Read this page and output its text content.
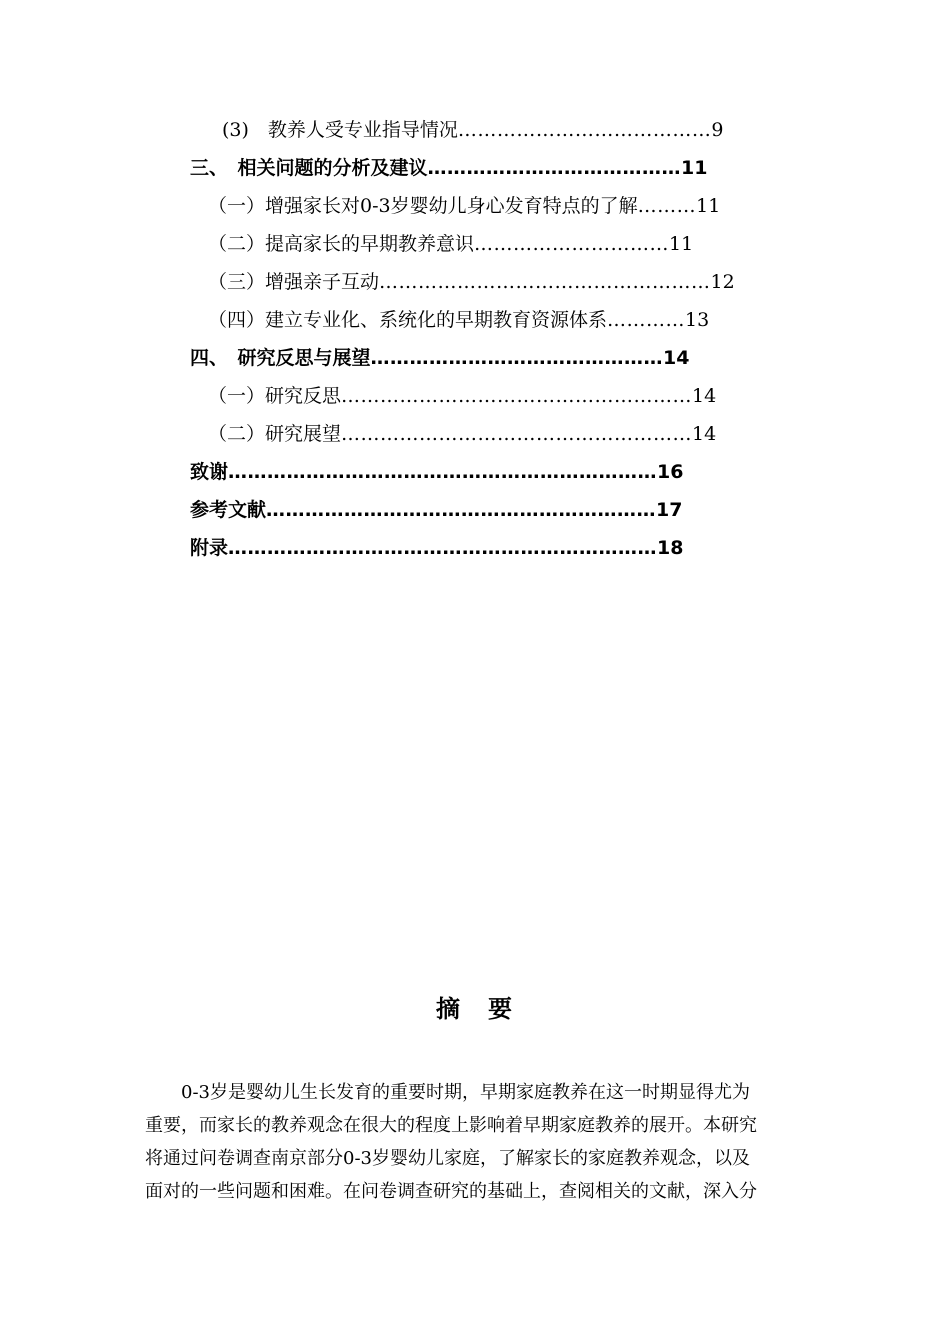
(3)　教养人受专业指导情况…………………………………9
三、　相关问题的分析及建议…………………………………11
（一）增强家长对0-3岁婴幼儿身心发育特点的了解………11
（二）提高家长的早期教养意识…………………………11
（三）增强亲子互动……………………………………………12
（四）建立专业化、系统化的早期教育资源体系…………13
四、　研究反思与展望………………………………………14
（一）研究反思………………………………………………14
（二）研究展望………………………………………………14
致谢…………………………………………………………16
参考文献……………………………………………………17
附录…………………………………………………………18
摘　要

　　0-3岁是婴幼儿生长发育的重要时期，早期家庭教养在这一时期显得尤为
重要，而家长的教养观念在很大的程度上影响着早期家庭教养的展开。本研究
将通过问卷调查南京部分0-3岁婴幼儿家庭，了解家长的家庭教养观念，以及
面对的一些问题和困难。在问卷调查研究的基础上，查阅相关的文献，深入分
